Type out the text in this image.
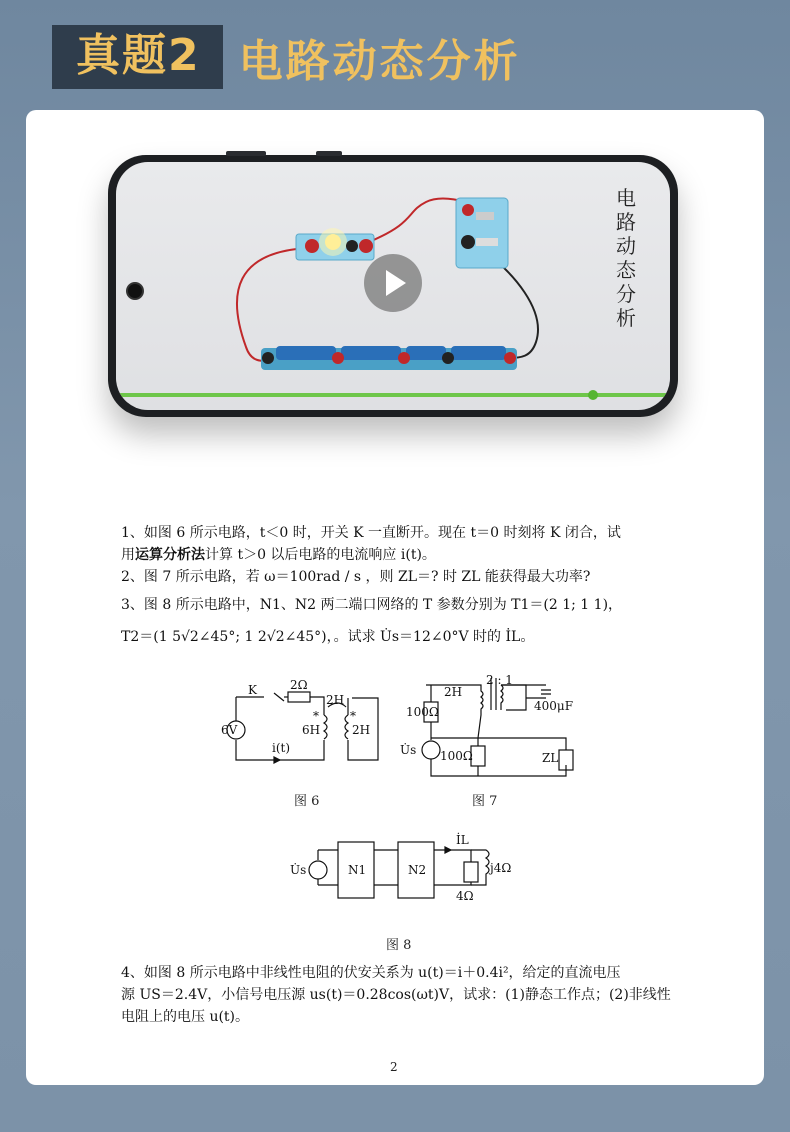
真题2 电路动态分析
电路动态分析

1、如图 6 所示电路，t＜0 时，开关 K 一直断开。现在 t＝0 时刻将 K 闭合，试

用运算分析法计算 t＞0 以后电路的电流响应 i(t)。

2、图 7 所示电路，若 ω＝100rad / s ，则 ZL＝? 时 ZL 能获得最大功率?

3、图 8 所示电路中，N1、N2 两二端口网络的 T 参数分别为 T1＝(2 1; 1 1)，

T2＝(1 5√2∠45°; 1 2√2∠45°)，。试求 U̇s＝12∠0°V 时的 İL。

K	2Ω
2H
*	*
6V	6H	2H
i(t)
2H
2 : 1
100Ω	400μF
U̇s 100Ω	ZL
U̇s	N1	N2
İL
j4Ω
4Ω
图 6	图 7
图 8

4、如图 8 所示电路中非线性电阻的伏安关系为 u(t)＝i＋0.4i²，给定的直流电压

源 US＝2.4V，小信号电压源 us(t)＝0.28cos(ωt)V，试求：(1)静态工作点；(2)非线性

电阻上的电压 u(t)。

2
